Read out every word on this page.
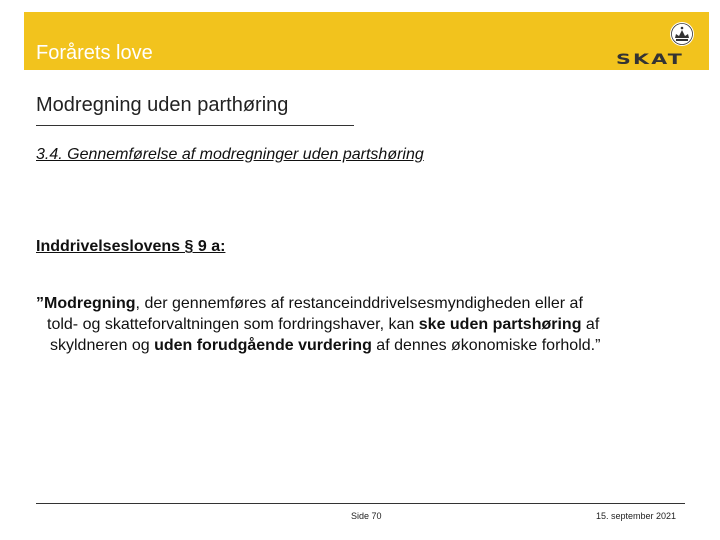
Forårets love	SKAT
Modregning uden parthøring
3.4. Gennemførelse af modregninger uden partshøring
Inddrivelseslovens § 9 a:
”Modregning, der gennemføres af restanceinddrivelsesmyndigheden eller af
told- og skatteforvaltningen som fordringshaver, kan ske uden partshøring af
skyldneren og uden forudgående vurdering af dennes økonomiske forhold.”
Side 70	15. september 2021
